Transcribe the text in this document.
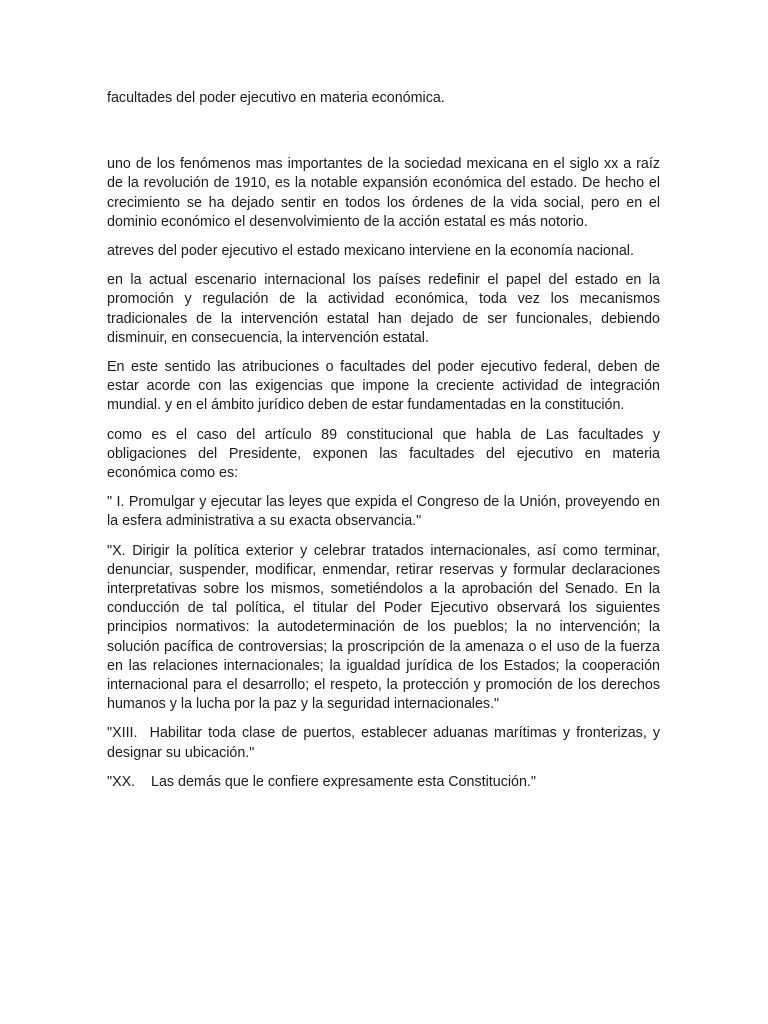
facultades del poder ejecutivo en materia económica.

uno de los fenómenos mas importantes de la sociedad mexicana en el siglo xx a raíz de la revolución de 1910, es la notable expansión económica del estado. De hecho el crecimiento se ha dejado sentir en todos los órdenes de la vida social, pero en el dominio económico el desenvolvimiento de la acción estatal es más notorio.

atreves del poder ejecutivo el estado mexicano interviene en la economía nacional.

en la actual escenario internacional los países redefinir el papel del estado en la promoción y regulación de la actividad económica, toda vez los mecanismos tradicionales de la intervención estatal han dejado de ser funcionales, debiendo disminuir, en consecuencia, la intervención estatal.

En este sentido las atribuciones o facultades del poder ejecutivo federal, deben de estar acorde con las exigencias que impone la creciente actividad de integración mundial. y en el ámbito jurídico deben de estar fundamentadas en la constitución.

como es el caso del artículo 89 constitucional que habla de Las facultades y obligaciones del Presidente, exponen las facultades del ejecutivo en materia económica como es:

" I. Promulgar y ejecutar las leyes que expida el Congreso de la Unión, proveyendo en la esfera administrativa a su exacta observancia."

"X. Dirigir la política exterior y celebrar tratados internacionales, así como terminar, denunciar, suspender, modificar, enmendar, retirar reservas y formular declaraciones interpretativas sobre los mismos, sometiéndolos a la aprobación del Senado. En la conducción de tal política, el titular del Poder Ejecutivo observará los siguientes principios normativos: la autodeterminación de los pueblos; la no intervención; la solución pacífica de controversias; la proscripción de la amenaza o el uso de la fuerza en las relaciones internacionales; la igualdad jurídica de los Estados; la cooperación internacional para el desarrollo; el respeto, la protección y promoción de los derechos humanos y la lucha por la paz y la seguridad internacionales."

"XIII.  Habilitar toda clase de puertos, establecer aduanas marítimas y fronterizas, y designar su ubicación."

"XX.    Las demás que le confiere expresamente esta Constitución."
